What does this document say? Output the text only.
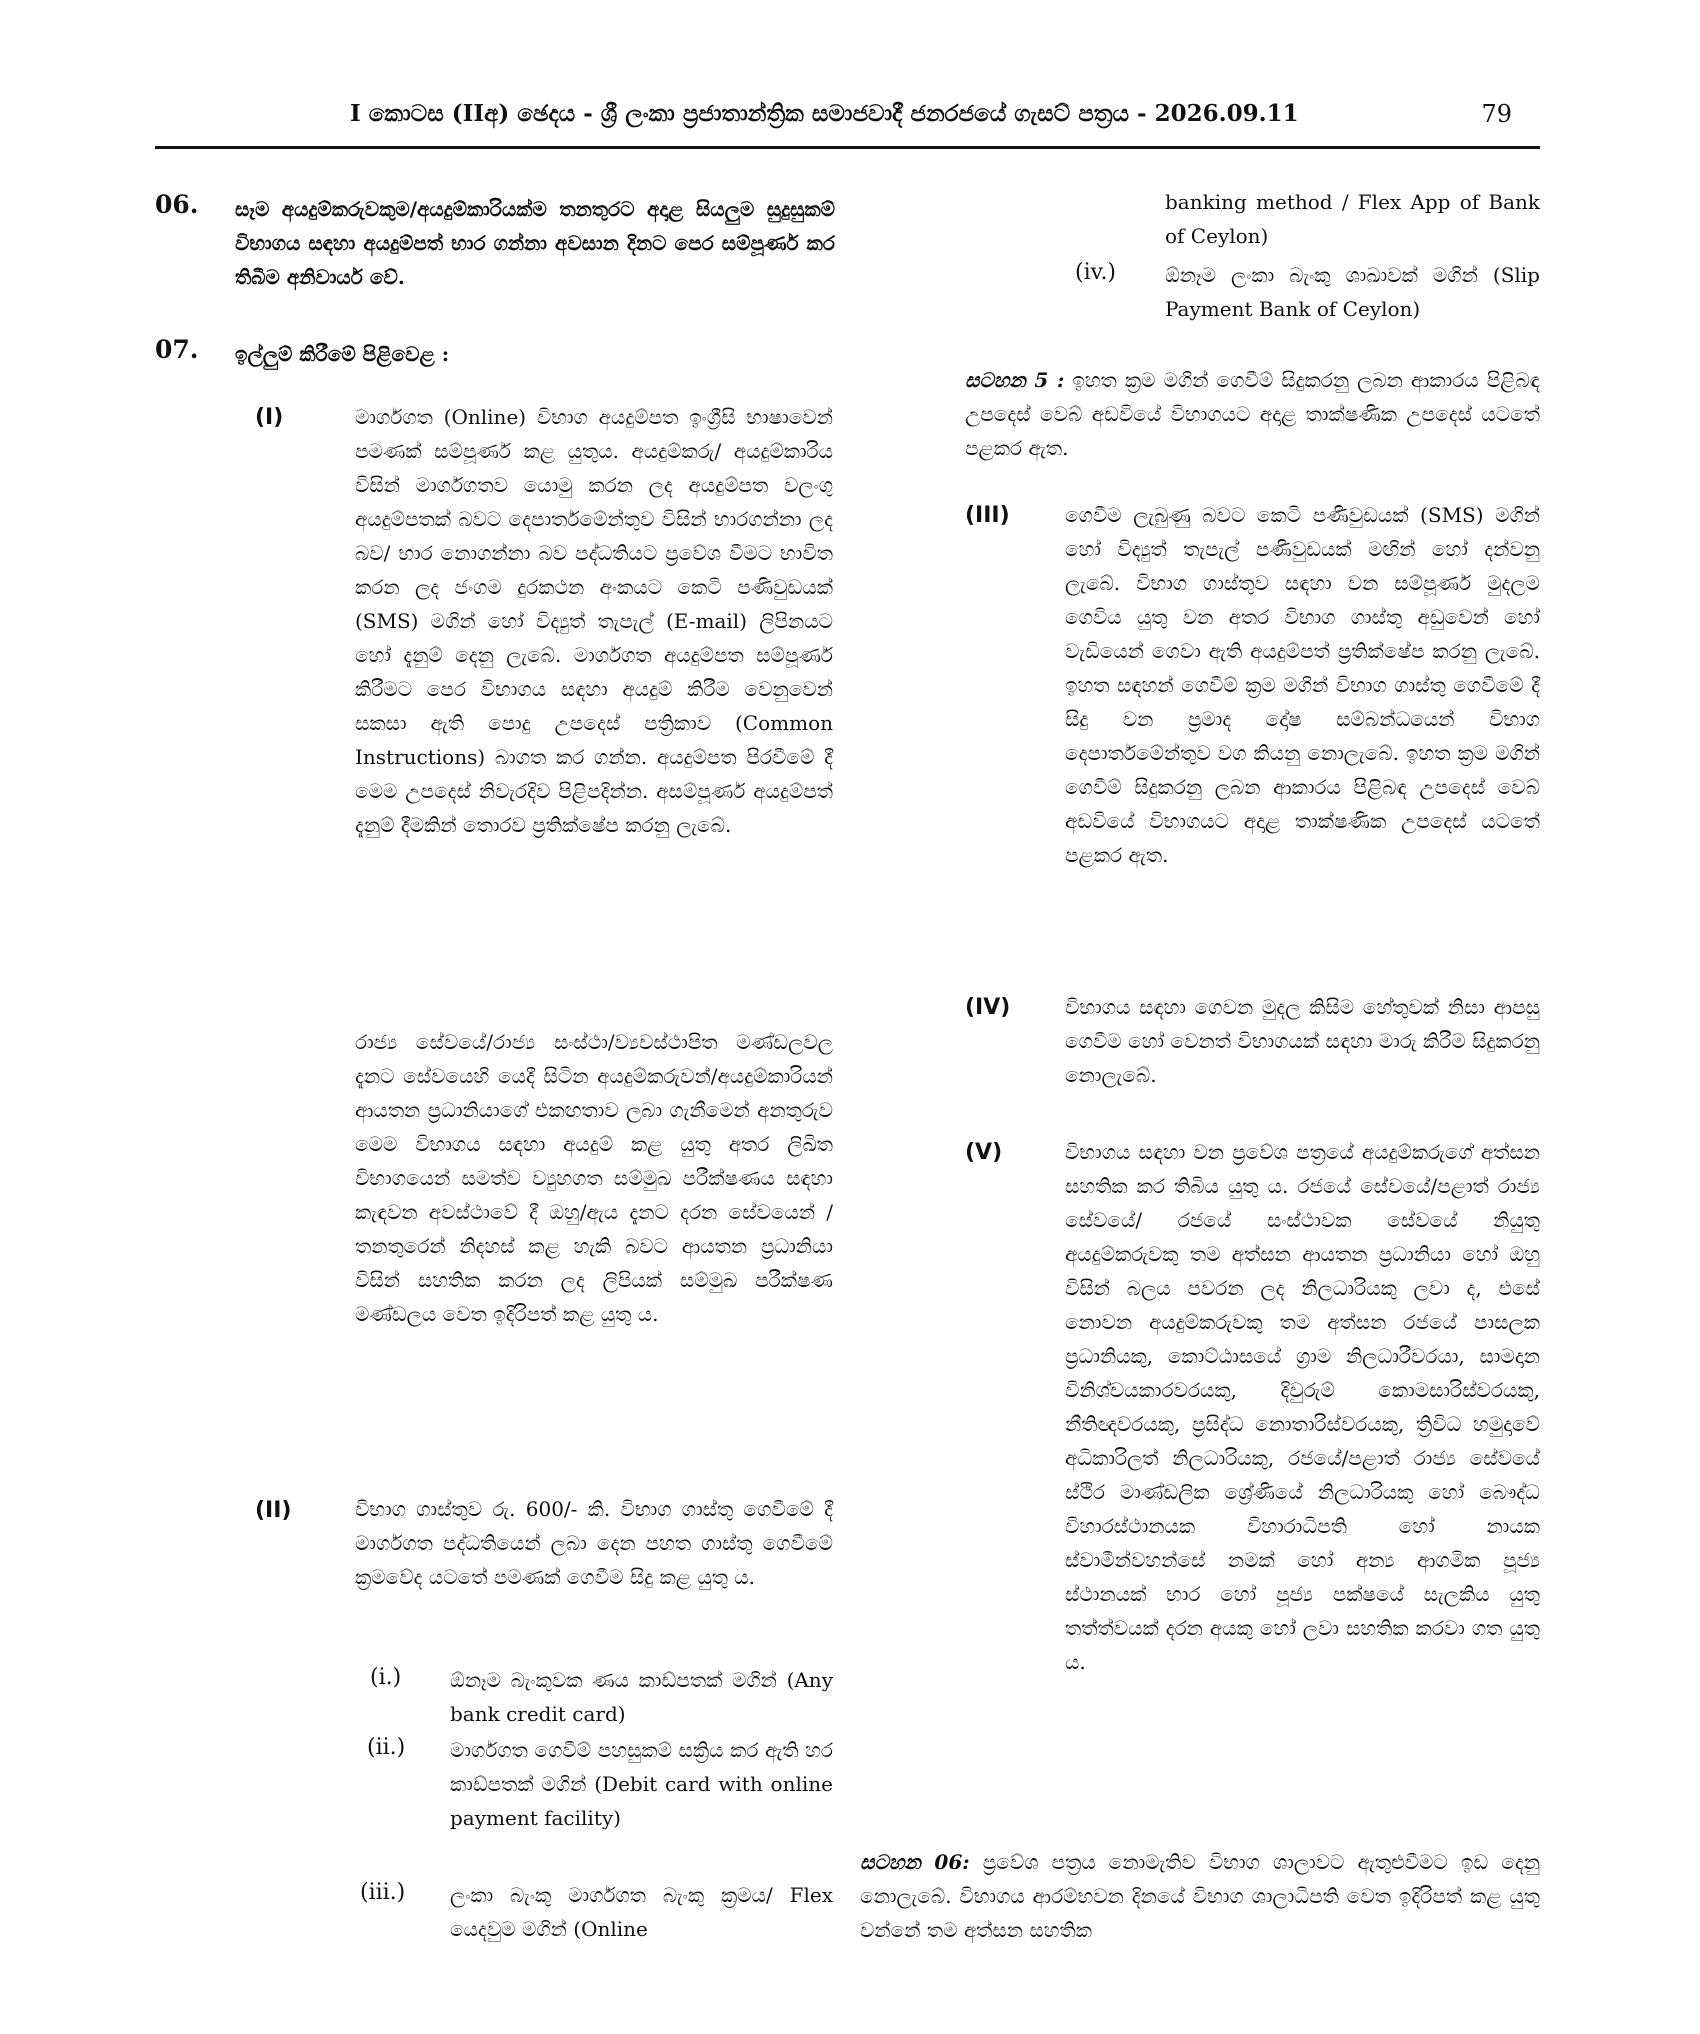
I කොටස (IIඅ) ඡෙදය - ශ්‍රී ලංකා ප්‍රජාතාන්ත්‍රික සමාජවාදී ජනරජයේ ගැසට් පත්‍රය - 2026.09.11	79
06. සෑම අයදුම්කරුවකුම/අයදුම්කාරියක්ම තනතුරට අදාළ සියලුම සුදුසුකම් විභාගය සඳහා අයදුම්පත් භාර ගන්නා අවසාන දිනට පෙර සම්පූර්ණ කර තිබීම අනිවාර්ය වේ.
07. ඉල්ලුම් කිරීමේ පිළිවෙළ :
(I)	මාර්ගගත (Online) විභාග අයදුම්පත ඉංග්‍රීසි භාෂාවෙන් පමණක් සම්පූර්ණ කළ යුතුය. අයදුම්කරු/ අයදුම්කාරිය විසින් මාර්ගගතව යොමු කරන ලද අයදුම්පත වලංගු අයදුම්පතක් බවට දෙපාර්තමේන්තුව විසින් භාරගන්නා ලද බව/ භාර නොගන්නා බව පද්ධතියට ප්‍රවේශ වීමට භාවිත කරන ලද ජංගම දුරකථන අංකයට කෙටි පණිවුඩයක් (SMS) මගින් හෝ විද්‍යුත් තැපැල් (E-mail) ලිපිනයට හෝ දැනුම් දෙනු ලැබේ. මාර්ගගත අයදුම්පත සම්පූර්ණ කිරීමට පෙර විභාගය සඳහා අයදුම් කිරීම වෙනුවෙන් සකසා ඇති පොදු උපදෙස් පත්‍රිකාව (Common Instructions) බාගත කර ගන්න. අයදුම්පත පිරවීමේ දී මෙම උපදෙස් නිවැරදිව පිළිපදින්න. අසම්පූර්ණ අයදුම්පත් දැනුම් දීමකින් තොරව ප්‍රතික්ෂේප කරනු ලැබේ.
රාජ්‍ය සේවයේ/රාජ්‍ය සංස්ථා/ව්‍යවස්ථාපිත මණ්ඩලවල දැනට සේවයෙහි යෙදී සිටින අයදුම්කරුවන්/අයදුම්කාරියන් ආයතන ප්‍රධානියාගේ එකඟතාව ලබා ගැනීමෙන් අනතුරුව මෙම විභාගය සඳහා අයදුම් කළ යුතු අතර ලිඛිත විභාගයෙන් සමත්ව ව්‍යුහගත සම්මුඛ පරීක්ෂණය සඳහා කැඳවන අවස්ථාවේ දී ඔහු/ඇය දැනට දරන සේවයෙන් / තනතුරෙන් නිදහස් කළ හැකි බවට ආයතන ප්‍රධානියා විසින් සහතික කරන ලද ලිපියක් සම්මුඛ පරීක්ෂණ මණ්ඩලය වෙත ඉදිරිපත් කළ යුතු ය.
(II)	විභාග ගාස්තුව රු. 600/- කි. විභාග ගාස්තු ගෙවීමේ දී මාර්ගගත පද්ධතියෙන් ලබා දෙන පහත ගාස්තු ගෙවීමේ ක්‍රමවේද යටතේ පමණක් ගෙවීම සිදු කළ යුතු ය.
(i.) ඕනෑම බැංකුවක ණය කාඩ්පතක් මගින් (Any bank credit card)
(ii.) මාර්ගගත ගෙවීම් පහසුකම් සක්‍රිය කර ඇති හර කාඩ්පතක් මගින් (Debit card with online payment facility)
(iii.) ලංකා බැංකු මාර්ගගත බැංකු ක්‍රමය/ Flex යෙදවුම මගින් (Online
banking method / Flex App of Bank of Ceylon)
(iv.) ඕනෑම ලංකා බැංකු ශාඛාවක් මගින් (Slip Payment Bank of Ceylon)
සටහන 5 : ඉහත ක්‍රම මගින් ගෙවීම් සිදුකරනු ලබන ආකාරය පිළිබඳ උපදෙස් වෙබ් අඩවියේ විභාගයට අදාළ තාක්ෂණික උපදෙස් යටතේ පළකර ඇත.
(III)	ගෙවීම ලැබුණු බවට කෙටි පණිවුඩයක් (SMS) මගින් හෝ විද්‍යුත් තැපැල් පණිවුඩයක් මඟින් හෝ දන්වනු ලැබේ. විභාග ගාස්තුව සඳහා වන සම්පූර්ණ මුදලම ගෙවිය යුතු වන අතර විභාග ගාස්තු අඩුවෙන් හෝ වැඩියෙන් ගෙවා ඇති අයදුම්පත් ප්‍රතික්ෂේප කරනු ලැබේ. ඉහත සඳහන් ගෙවීම් ක්‍රම මගින් විභාග ගාස්තු ගෙවීමේ දී සිදු වන ප්‍රමාද දෝෂ සම්බන්ධයෙන් විභාග දෙපාර්තමේන්තුව වග කියනු නොලැබේ. ඉහත ක්‍රම මගින් ගෙවීම් සිදුකරනු ලබන ආකාරය පිළිබඳ උපදෙස් වෙබ් අඩවියේ විභාගයට අදාළ තාක්ෂණික උපදෙස් යටතේ පළකර ඇත.
(IV)	විභාගය සඳහා ගෙවන මුදල කිසිම හේතුවක් නිසා ආපසු ගෙවීම හෝ වෙනත් විභාගයක් සඳහා මාරු කිරීම සිදුකරනු නොලැබේ.
(V)	විභාගය සඳහා වන ප්‍රවේශ පත්‍රයේ අයදුම්කරුගේ අත්සන සහතික කර තිබිය යුතු ය. රජයේ සේවයේ/පළාත් රාජ්‍ය සේවයේ/ රජයේ සංස්ථාවක සේවයේ නියුතු අයදුම්කරුවකු තම අත්සන ආයතන ප්‍රධානියා හෝ ඔහු විසින් බලය පවරන ලද නිලධාරියකු ලවා ද, එසේ නොවන අයදුම්කරුවකු තම අත්සන රජයේ පාසලක ප්‍රධානියකු, කොට්ඨාසයේ ග්‍රාම නිලධාරීවරයා, සාමදාන විනිශ්චයකාරවරයකු, දිවුරුම් කොමසාරිස්වරයකු, නීතිඥවරයකු, ප්‍රසිද්ධ නොතාරිස්වරයකු, ත්‍රිවිධ හමුදාවේ අධිකාරිලත් නිලධාරියකු, රජයේ/පළාත් රාජ්‍ය සේවයේ ස්ථිර මාණ්ඩලික ශ්‍රේණියේ නිලධාරියකු හෝ බෞද්ධ විහාරස්ථානයක විහාරාධිපති හෝ නායක ස්වාමීන්වහන්සේ නමක් හෝ අන්‍ය ආගමික පූජ්‍ය ස්ථානයක් භාර හෝ පූජ්‍ය පක්ෂයේ සැලකිය යුතු තත්ත්වයක් දරන අයකු හෝ ලවා සහතික කරවා ගත යුතු ය.
සටහන 06: ප්‍රවේශ පත්‍රය නොමැතිව විභාග ශාලාවට ඇතුළුවීමට ඉඩ දෙනු නොලැබේ. විභාගය ආරම්භවන දිනයේ විභාග ශාලාධිපති වෙත ඉදිරිපත් කළ යුතු වන්නේ තම අත්සන සහතික
